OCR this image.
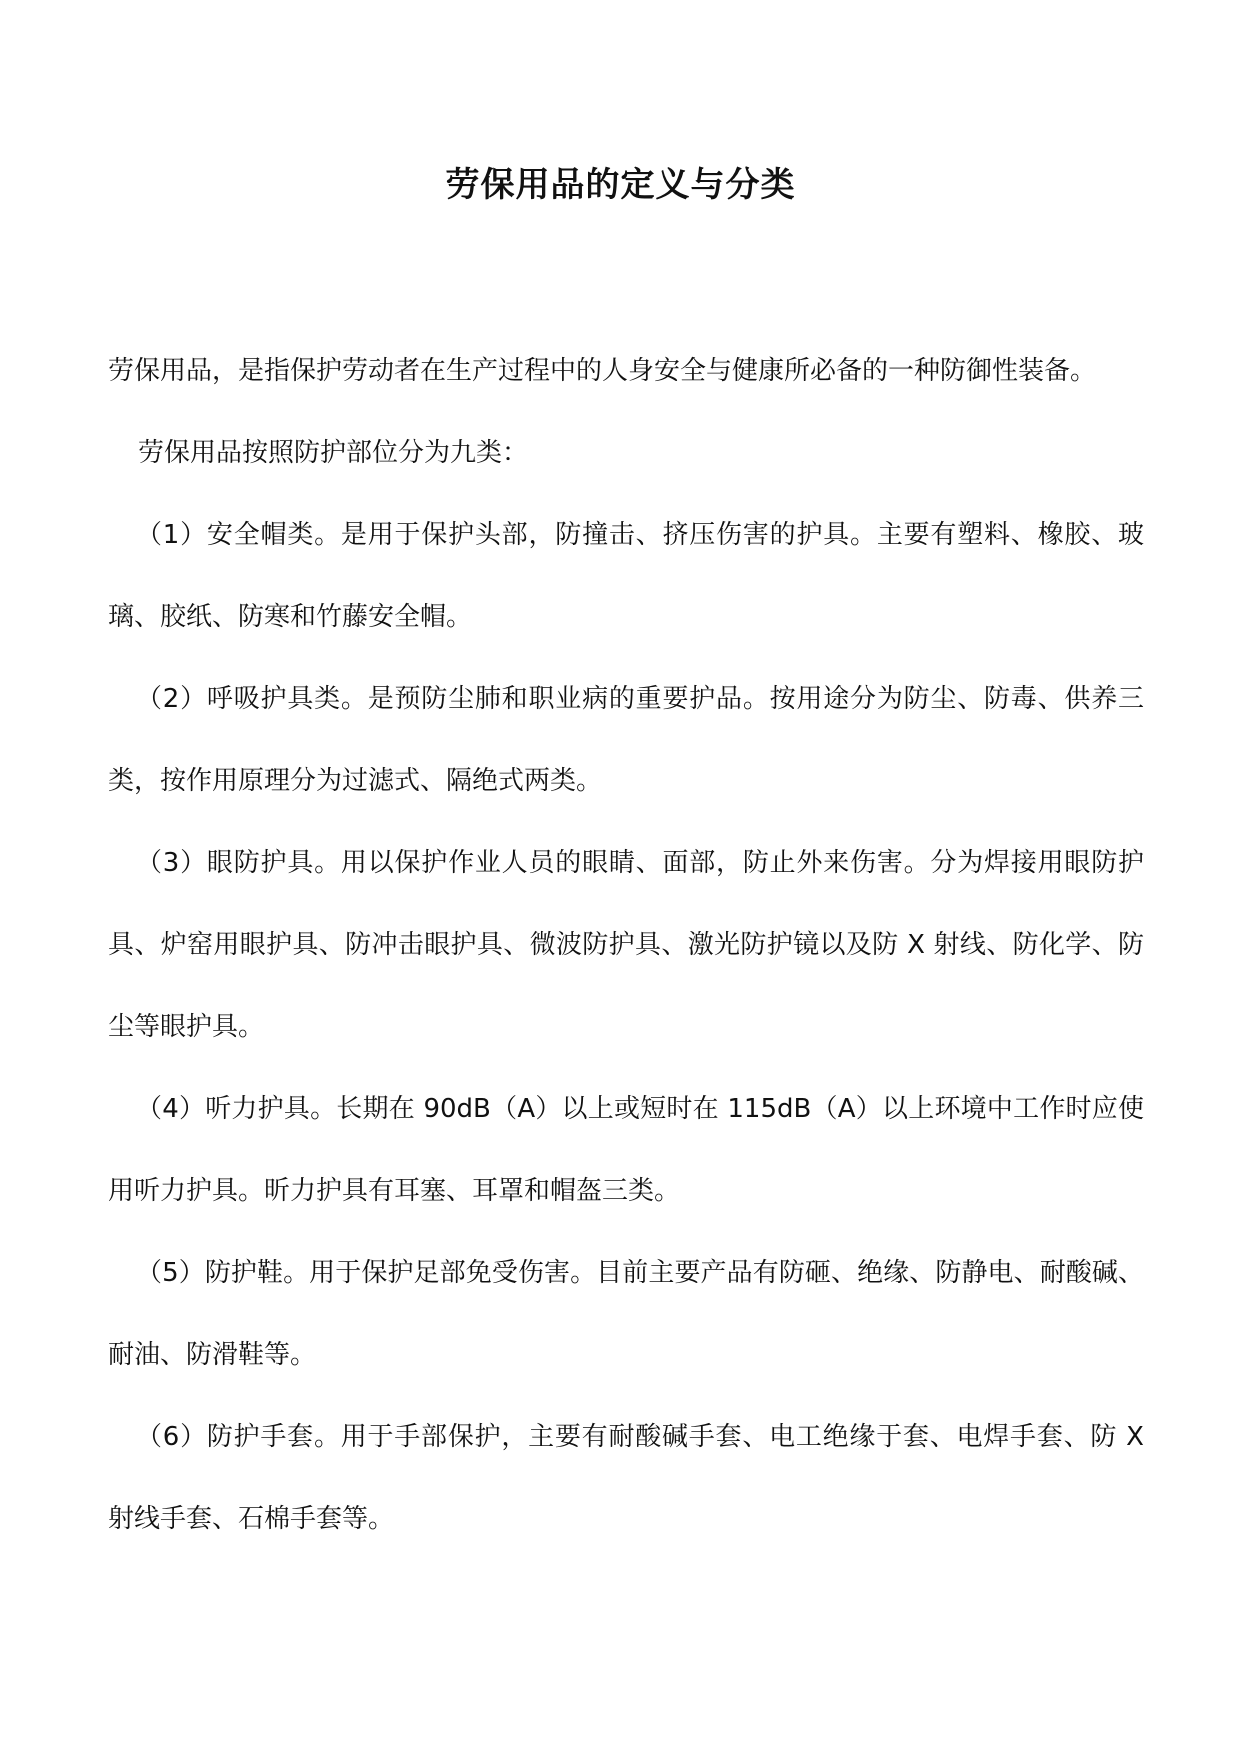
劳保用品的定义与分类

劳保用品，是指保护劳动者在生产过程中的人身安全与健康所必备的一种防御性装备。

劳保用品按照防护部位分为九类：

（1）安全帽类。是用于保护头部，防撞击、挤压伤害的护具。主要有塑料、橡胶、玻璃、胶纸、防寒和竹藤安全帽。

（2）呼吸护具类。是预防尘肺和职业病的重要护品。按用途分为防尘、防毒、供养三类，按作用原理分为过滤式、隔绝式两类。

（3）眼防护具。用以保护作业人员的眼睛、面部，防止外来伤害。分为焊接用眼防护具、炉窑用眼护具、防冲击眼护具、微波防护具、激光防护镜以及防 X 射线、防化学、防尘等眼护具。

（4）听力护具。长期在 90dB（A）以上或短时在 115dB（A）以上环境中工作时应使用听力护具。昕力护具有耳塞、耳罩和帽盔三类。

（5）防护鞋。用于保护足部免受伤害。目前主要产品有防砸、绝缘、防静电、耐酸碱、耐油、防滑鞋等。

（6）防护手套。用于手部保护，主要有耐酸碱手套、电工绝缘于套、电焊手套、防 X 射线手套、石棉手套等。
